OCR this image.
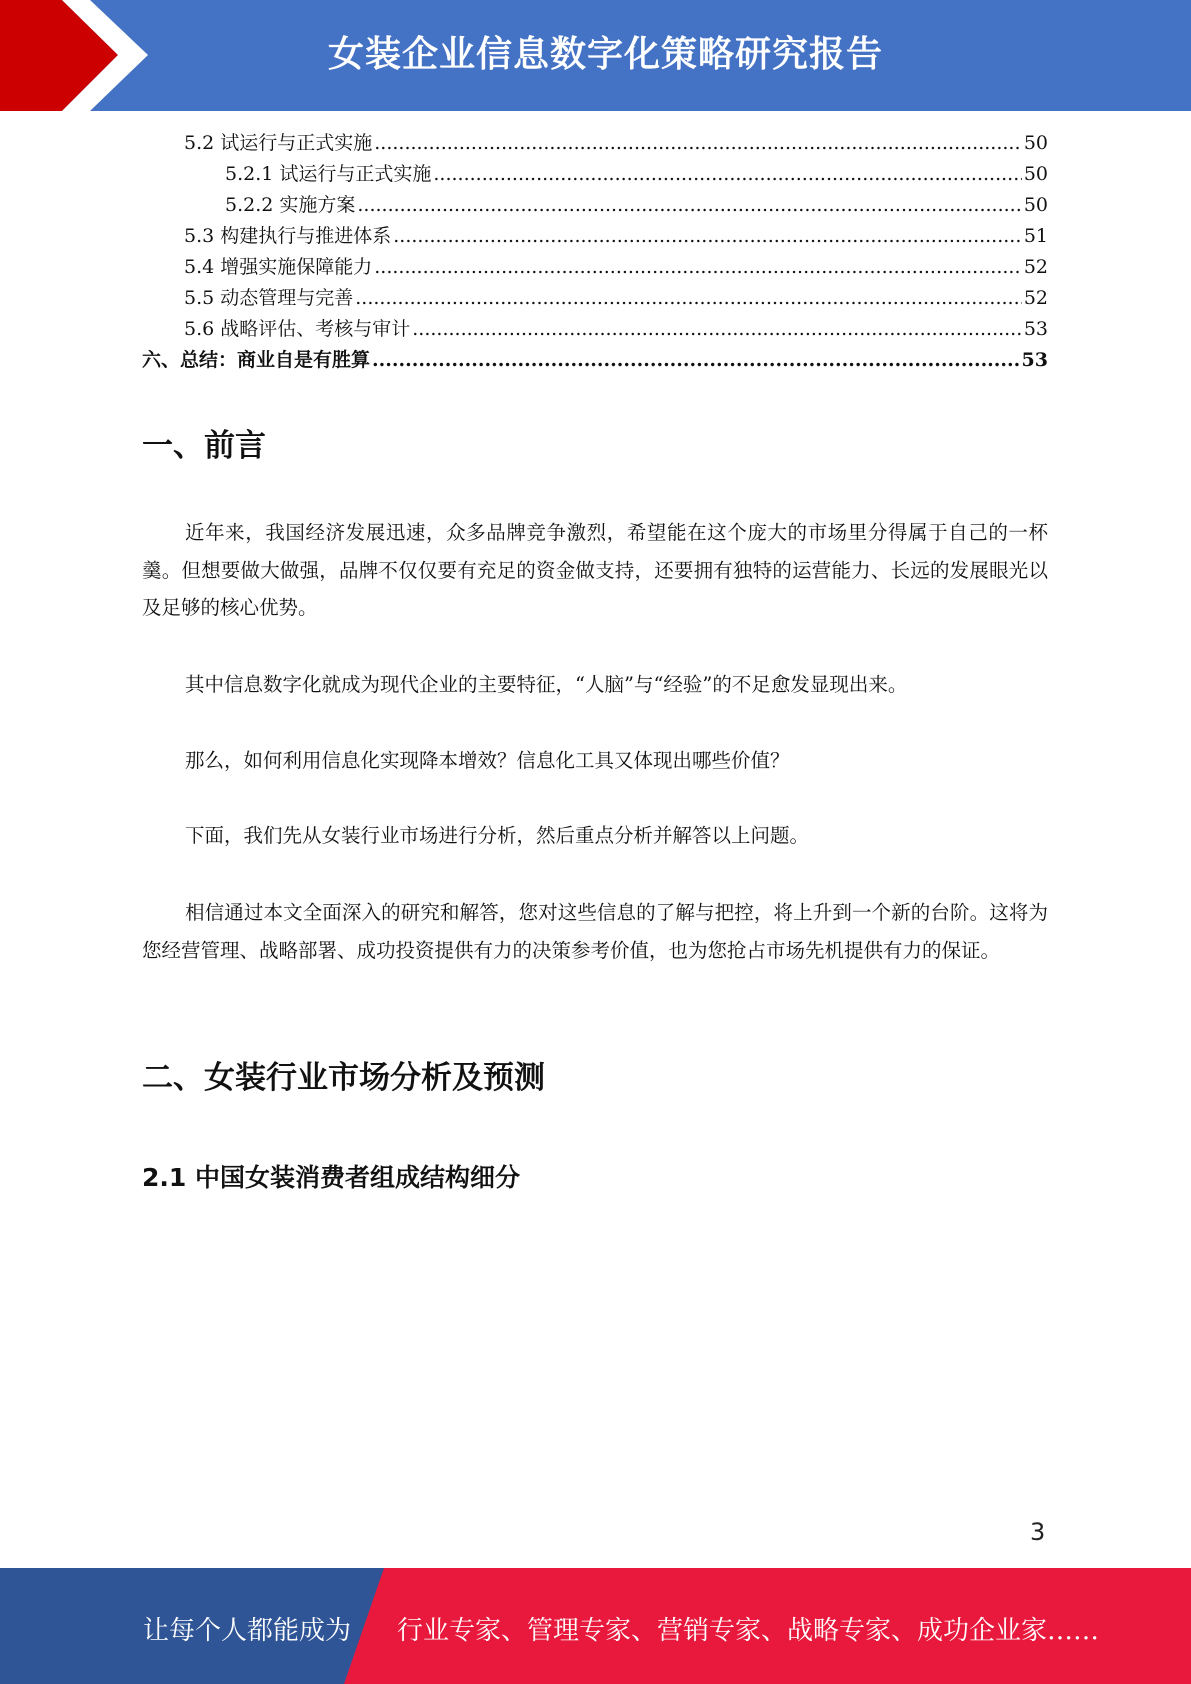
女装企业信息数字化策略研究报告
5.2 试运行与正式实施 .....	50
5.2.1 试运行与正式实施 .....	50
5.2.2 实施方案 .....	50
5.3 构建执行与推进体系 .....	51
5.4 增强实施保障能力 .....	52
5.5 动态管理与完善 .....	52
5.6 战略评估、考核与审计 .....	53
六、总结：商业自是有胜算 .....	53
一、前言
近年来，我国经济发展迅速，众多品牌竞争激烈，希望能在这个庞大的市场里分得属于自己的一杯羹。但想要做大做强，品牌不仅仅要有充足的资金做支持，还要拥有独特的运营能力、长远的发展眼光以及足够的核心优势。
其中信息数字化就成为现代企业的主要特征，“人脑”与“经验”的不足愈发显现出来。
那么，如何利用信息化实现降本增效？信息化工具又体现出哪些价值？
下面，我们先从女装行业市场进行分析，然后重点分析并解答以上问题。
相信通过本文全面深入的研究和解答，您对这些信息的了解与把控，将上升到一个新的台阶。这将为您经营管理、战略部署、成功投资提供有力的决策参考价值，也为您抢占市场先机提供有力的保证。
二、女装行业市场分析及预测
2.1 中国女装消费者组成结构细分
3
让每个人都能成为 行业专家、管理专家、营销专家、战略专家、成功企业家……
